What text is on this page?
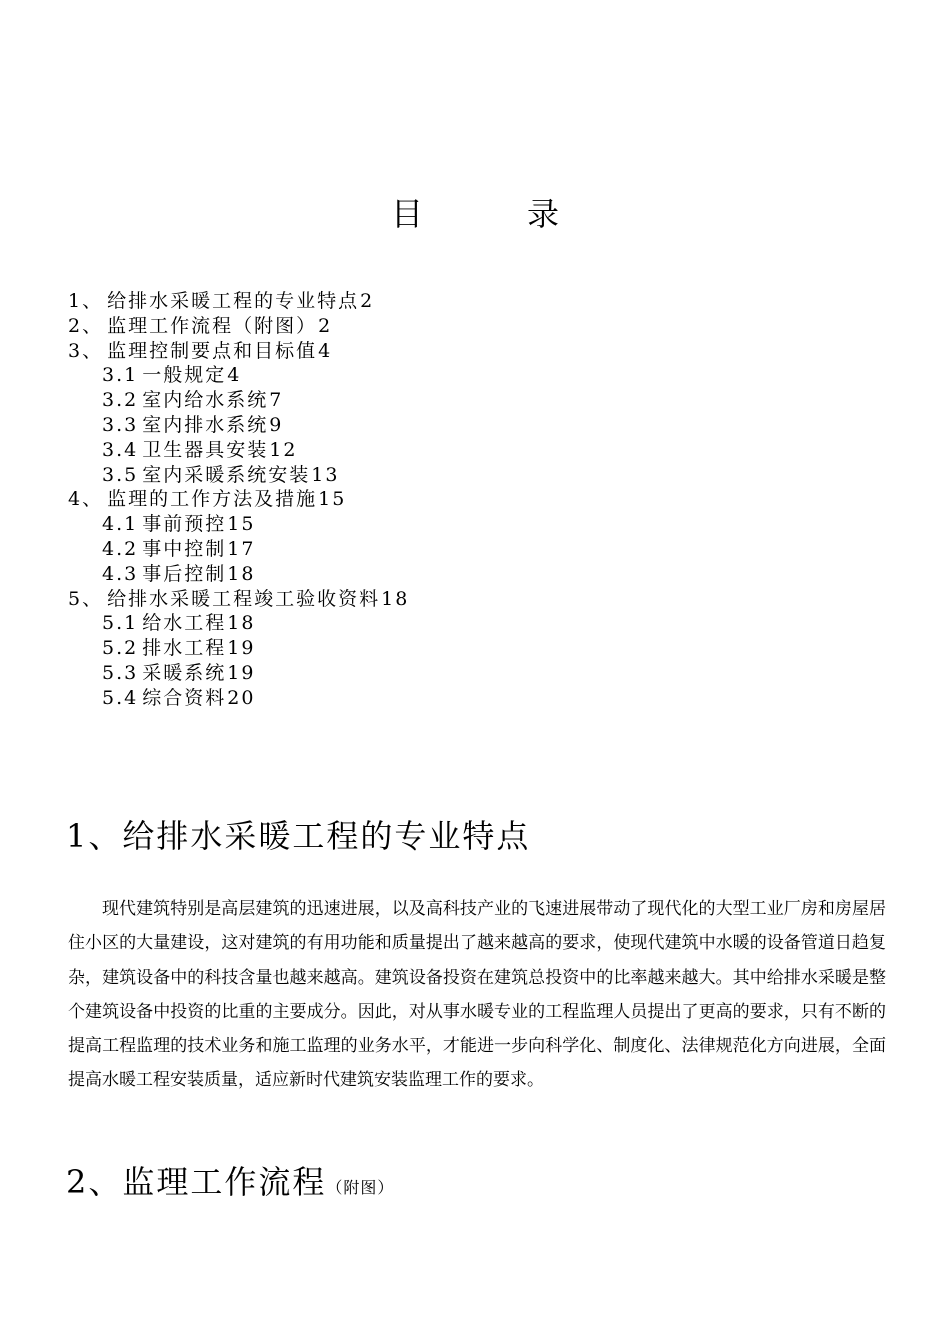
目　录
1、 给排水采暖工程的专业特点2
2、 监理工作流程（附图）2
3、 监理控制要点和目标值4
3.1 一般规定4
3.2 室内给水系统7
3.3 室内排水系统9
3.4 卫生器具安装12
3.5 室内采暖系统安装13
4、 监理的工作方法及措施15
4.1 事前预控15
4.2 事中控制17
4.3 事后控制18
5、 给排水采暖工程竣工验收资料18
5.1 给水工程18
5.2 排水工程19
5.3 采暖系统19
5.4 综合资料20
1、给排水采暖工程的专业特点
现代建筑特别是高层建筑的迅速进展，以及高科技产业的飞速进展带动了现代化的大型工业厂房和房屋居住小区的大量建设，这对建筑的有用功能和质量提出了越来越高的要求，使现代建筑中水暖的设备管道日趋复杂，建筑设备中的科技含量也越来越高。建筑设备投资在建筑总投资中的比率越来越大。其中给排水采暖是整个建筑设备中投资的比重的主要成分。因此，对从事水暖专业的工程监理人员提出了更高的要求，只有不断的提高工程监理的技术业务和施工监理的业务水平，才能进一步向科学化、制度化、法律规范化方向进展，全面提高水暖工程安装质量，适应新时代建筑安装监理工作的要求。
2、监理工作流程（附图）
